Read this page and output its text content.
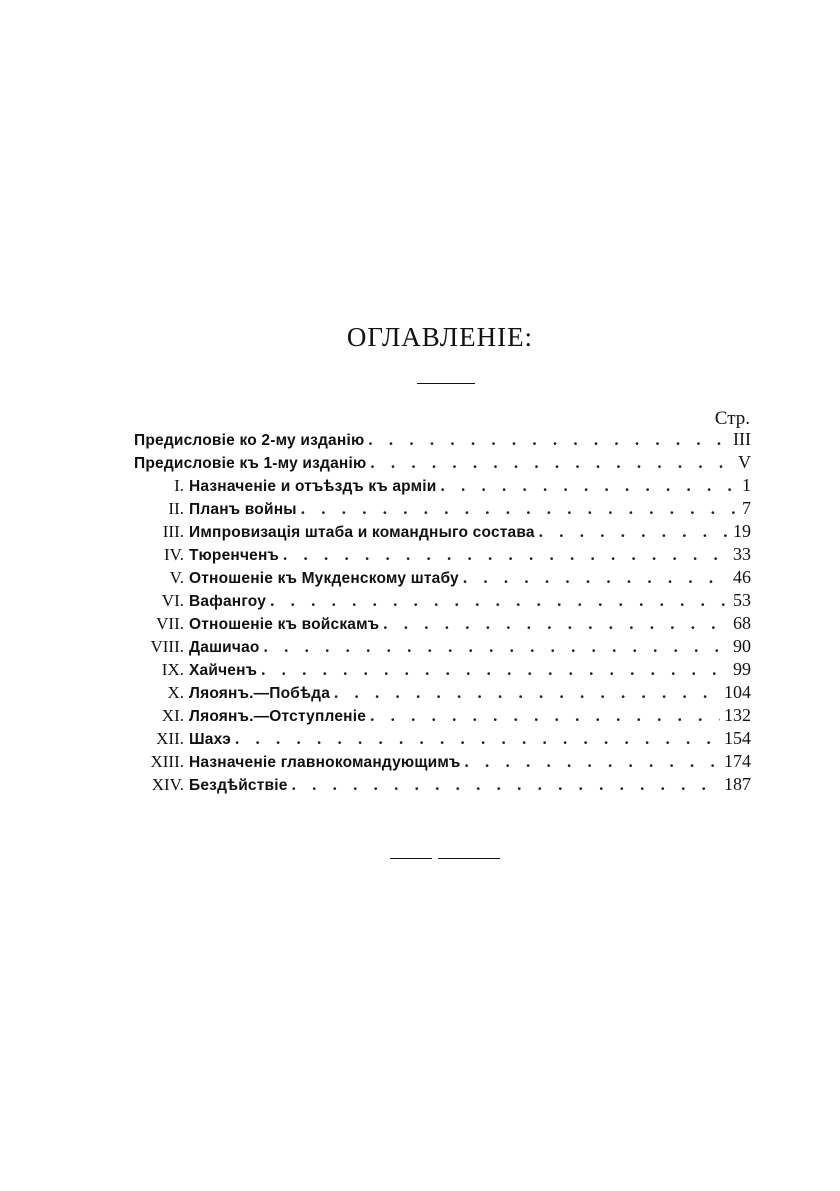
ОГЛАВЛЕНІЕ:
Стр.
Предисловіе ко 2-му изданію . . .	III
Предисловіе къ 1-му изданію . . .	V
I. Назначеніе и отъѣздъ къ арміи . . .	1
II. Планъ войны . . .	7
III. Импровизація штаба и командныго состава . . .	19
IV. Тюренченъ . . .	33
V. Отношеніе къ Мукденскому штабу . . .	46
VI. Вафангоу . . .	53
VII. Отношеніе къ войскамъ . . .	68
VIII. Дашичао . . .	90
IX. Хайченъ . . .	99
X. Ляоянъ.—Побѣда . . .	104
XI. Ляоянъ.—Отступленіе . . .	132
XII. Шахэ . . .	154
XIII. Назначеніе главнокомандующимъ . . .	174
XIV. Бездѣйствіе . . .	187
